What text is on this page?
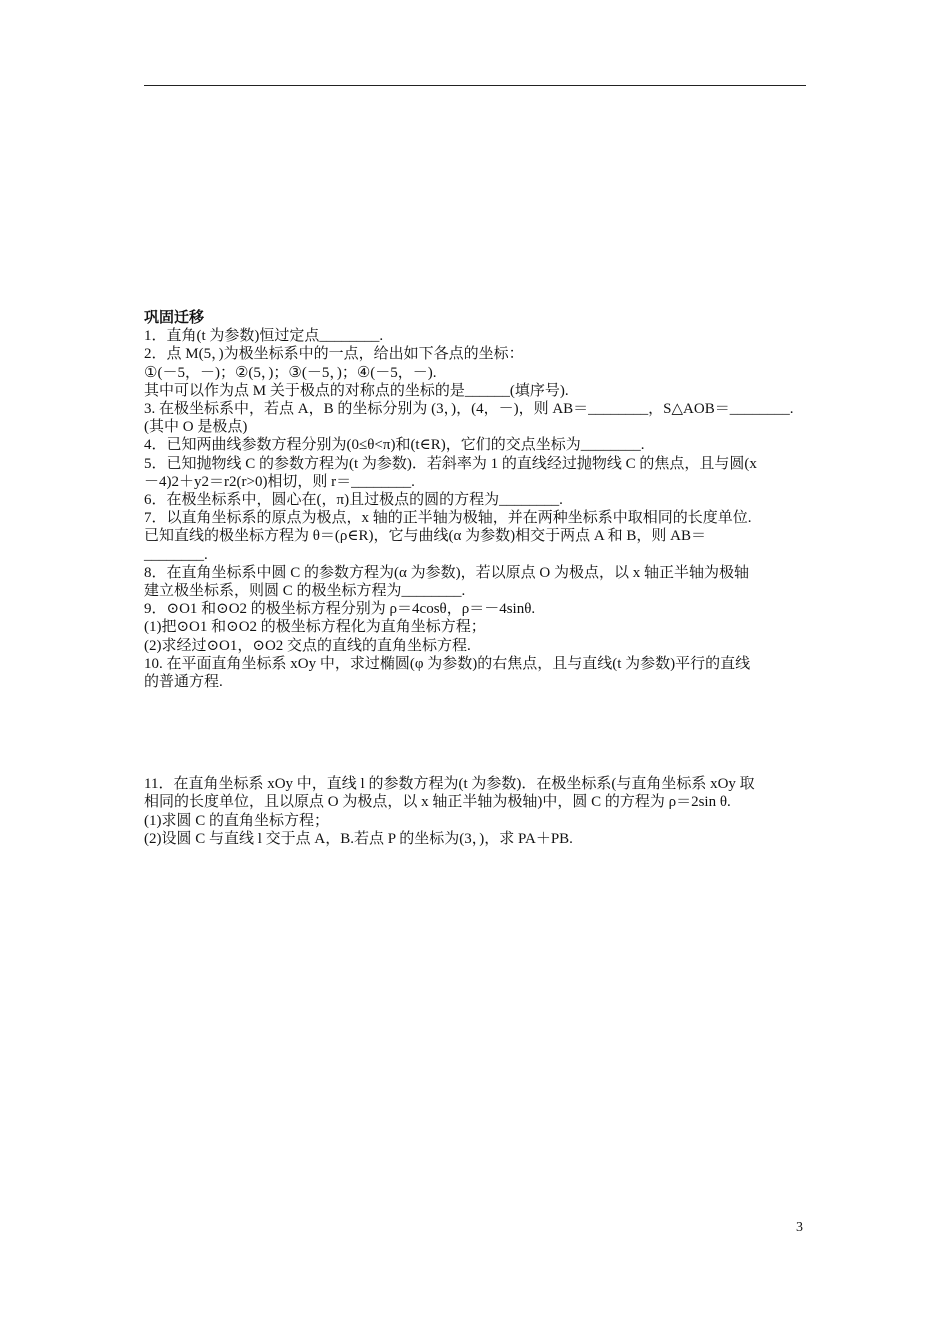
巩固迁移
1．直角(t 为参数)恒过定点________.
2．点 M(5，)为极坐标系中的一点，给出如下各点的坐标：
①(－5，－)；②(5，)；③(－5，)；④(－5，－).
其中可以作为点 M 关于极点的对称点的坐标的是______(填序号).
3. 在极坐标系中，若点 A，B 的坐标分别为 (3，)，(4，－)，则 AB＝________，S△AOB＝________.
(其中 O 是极点)
4．已知两曲线参数方程分别为(0≤θ<π)和(t∈R)，它们的交点坐标为________.
5．已知抛物线 C 的参数方程为(t 为参数)．若斜率为 1 的直线经过抛物线 C 的焦点，且与圆(x
－4)2＋y2＝r2(r>0)相切，则 r＝________.
6．在极坐标系中，圆心在(，π)且过极点的圆的方程为________.
7．以直角坐标系的原点为极点，x 轴的正半轴为极轴，并在两种坐标系中取相同的长度单位.
已知直线的极坐标方程为 θ＝(ρ∈R)，它与曲线(α 为参数)相交于两点 A 和 B，则 AB＝
________.
8．在直角坐标系中圆 C 的参数方程为(α 为参数)，若以原点 O 为极点，以 x 轴正半轴为极轴
建立极坐标系，则圆 C 的极坐标方程为________.
9．⊙O1 和⊙O2 的极坐标方程分别为 ρ＝4cosθ，ρ＝－4sinθ.
(1)把⊙O1 和⊙O2 的极坐标方程化为直角坐标方程；
(2)求经过⊙O1，⊙O2 交点的直线的直角坐标方程.
10. 在平面直角坐标系 xOy 中，求过椭圆(φ 为参数)的右焦点，且与直线(t 为参数)平行的直线
的普通方程.
11．在直角坐标系 xOy 中，直线 l 的参数方程为(t 为参数)．在极坐标系(与直角坐标系 xOy 取
相同的长度单位，且以原点 O 为极点，以 x 轴正半轴为极轴)中，圆 C 的方程为 ρ＝2sin θ.
(1)求圆 C 的直角坐标方程；
(2)设圆 C 与直线 l 交于点 A，B.若点 P 的坐标为(3，)，求 PA＋PB.
3
